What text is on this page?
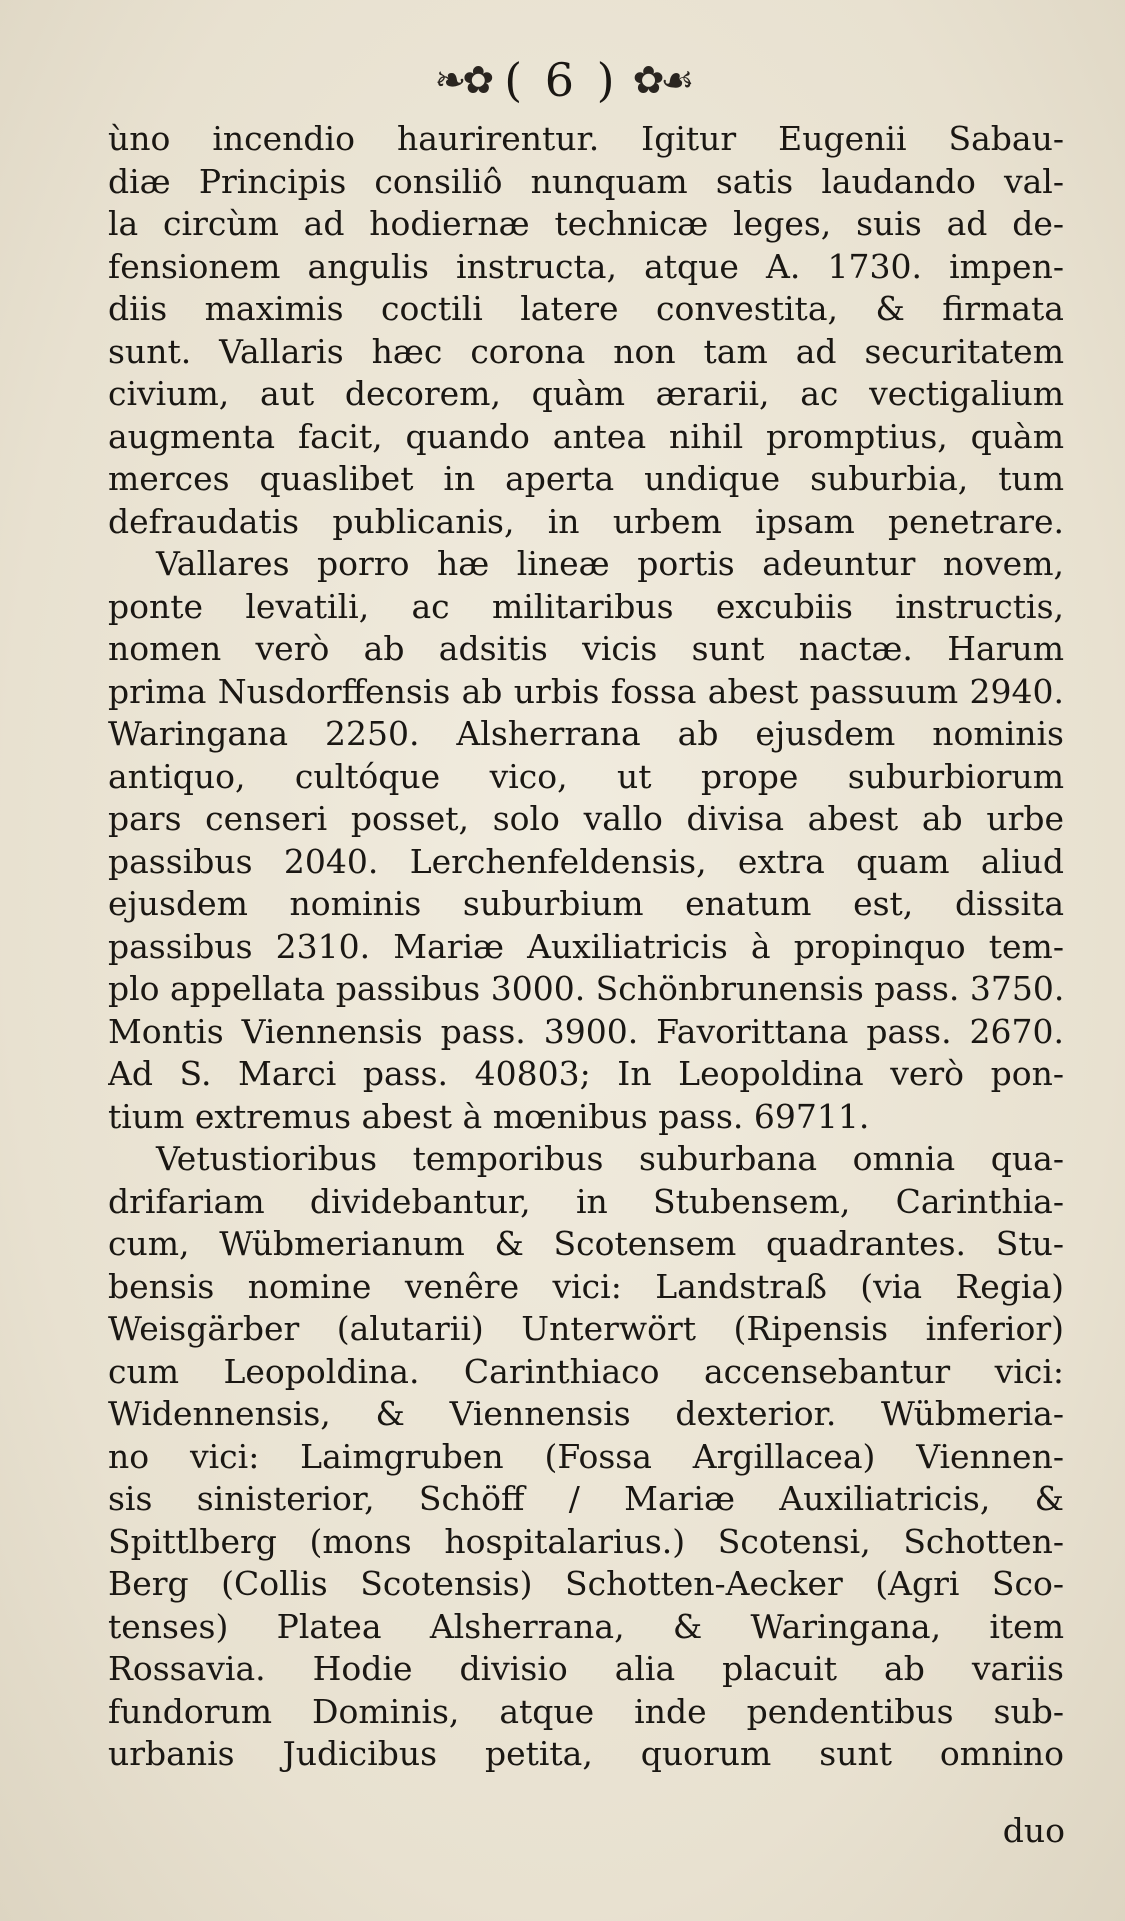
❧✿ ( 6 ) ✿☙
ùno incendio haurirentur. Igitur Eugenii Sabau-
diæ Principis consiliô nunquam satis laudando val-
la circùm ad hodiernæ technicæ leges, suis ad de-
fensionem angulis instructa, atque A. 1730. impen-
diis maximis coctili latere convestita, & firmata
sunt. Vallaris hæc corona non tam ad securitatem
civium, aut decorem, quàm ærarii, ac vectigalium
augmenta facit, quando antea nihil promptius, quàm
merces quaslibet in aperta undique suburbia, tum
defraudatis publicanis, in urbem ipsam penetrare.
Vallares porro hæ lineæ portis adeuntur novem,
ponte levatili, ac militaribus excubiis instructis,
nomen verò ab adsitis vicis sunt nactæ. Harum
prima Nusdorffensis ab urbis fossa abest passuum 2940.
Waringana 2250. Alsherrana ab ejusdem nominis
antiquo, cultóque vico, ut prope suburbiorum
pars censeri posset, solo vallo divisa abest ab urbe
passibus 2040. Lerchenfeldensis, extra quam aliud
ejusdem nominis suburbium enatum est, dissita
passibus 2310. Mariæ Auxiliatricis à propinquo tem-
plo appellata passibus 3000. Schönbrunensis pass. 3750.
Montis Viennensis pass. 3900. Favorittana pass. 2670.
Ad S. Marci pass. 40803; In Leopoldina verò pon-
tium extremus abest à mœnibus pass. 69711.
Vetustioribus temporibus suburbana omnia qua-
drifariam dividebantur, in Stubensem, Carinthia-
cum, Wübmerianum & Scotensem quadrantes. Stu-
bensis nomine venêre vici: Landstraß (via Regia)
Weisgärber (alutarii) Unterwört (Ripensis inferior)
cum Leopoldina. Carinthiaco accensebantur vici:
Widennensis, & Viennensis dexterior. Wübmeria-
no vici: Laimgruben (Fossa Argillacea) Viennen-
sis sinisterior, Schöff / Mariæ Auxiliatricis, &
Spittlberg (mons hospitalarius.) Scotensi, Schotten-
Berg (Collis Scotensis) Schotten-Aecker (Agri Sco-
tenses) Platea Alsherrana, & Waringana, item
Rossavia. Hodie divisio alia placuit ab variis
fundorum Dominis, atque inde pendentibus sub-
urbanis Judicibus petita, quorum sunt omnino
duo
